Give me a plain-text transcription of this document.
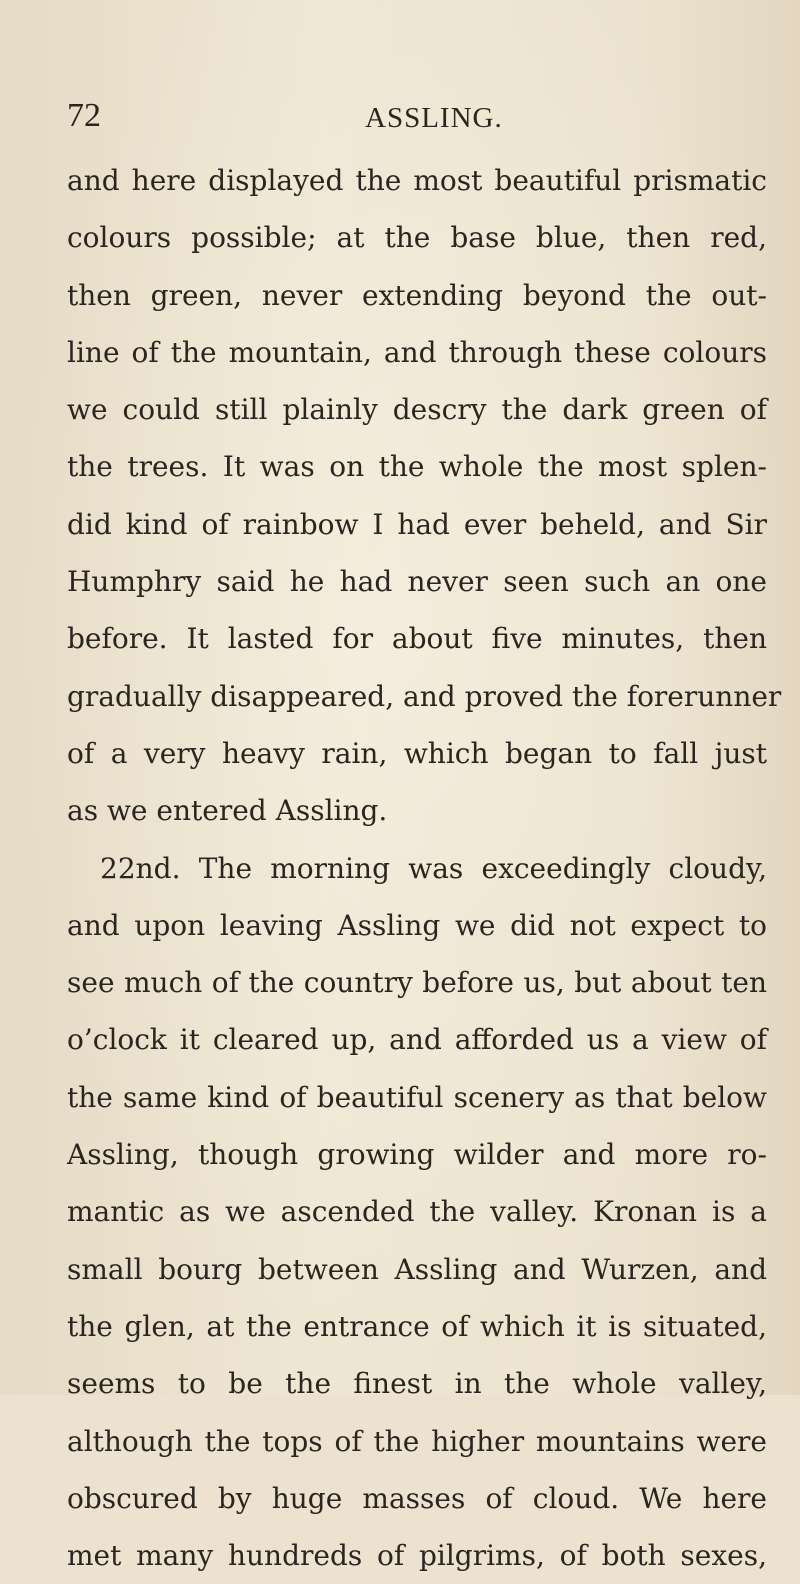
72	ASSLING.
and here displayed the most beautiful prismatic
colours possible; at the base blue, then red,
then green, never extending beyond the out-
line of the mountain, and through these colours
we could still plainly descry the dark green of
the trees. It was on the whole the most splen-
did kind of rainbow I had ever beheld, and Sir
Humphry said he had never seen such an one
before. It lasted for about five minutes, then
gradually disappeared, and proved the forerunner
of a very heavy rain, which began to fall just
as we entered Assling.
22nd. The morning was exceedingly cloudy,
and upon leaving Assling we did not expect to
see much of the country before us, but about ten
o’clock it cleared up, and afforded us a view of
the same kind of beautiful scenery as that below
Assling, though growing wilder and more ro-
mantic as we ascended the valley. Kronan is a
small bourg between Assling and Wurzen, and
the glen, at the entrance of which it is situated,
seems to be the finest in the whole valley,
although the tops of the higher mountains were
obscured by huge masses of cloud. We here
met many hundreds of pilgrims, of both sexes,
